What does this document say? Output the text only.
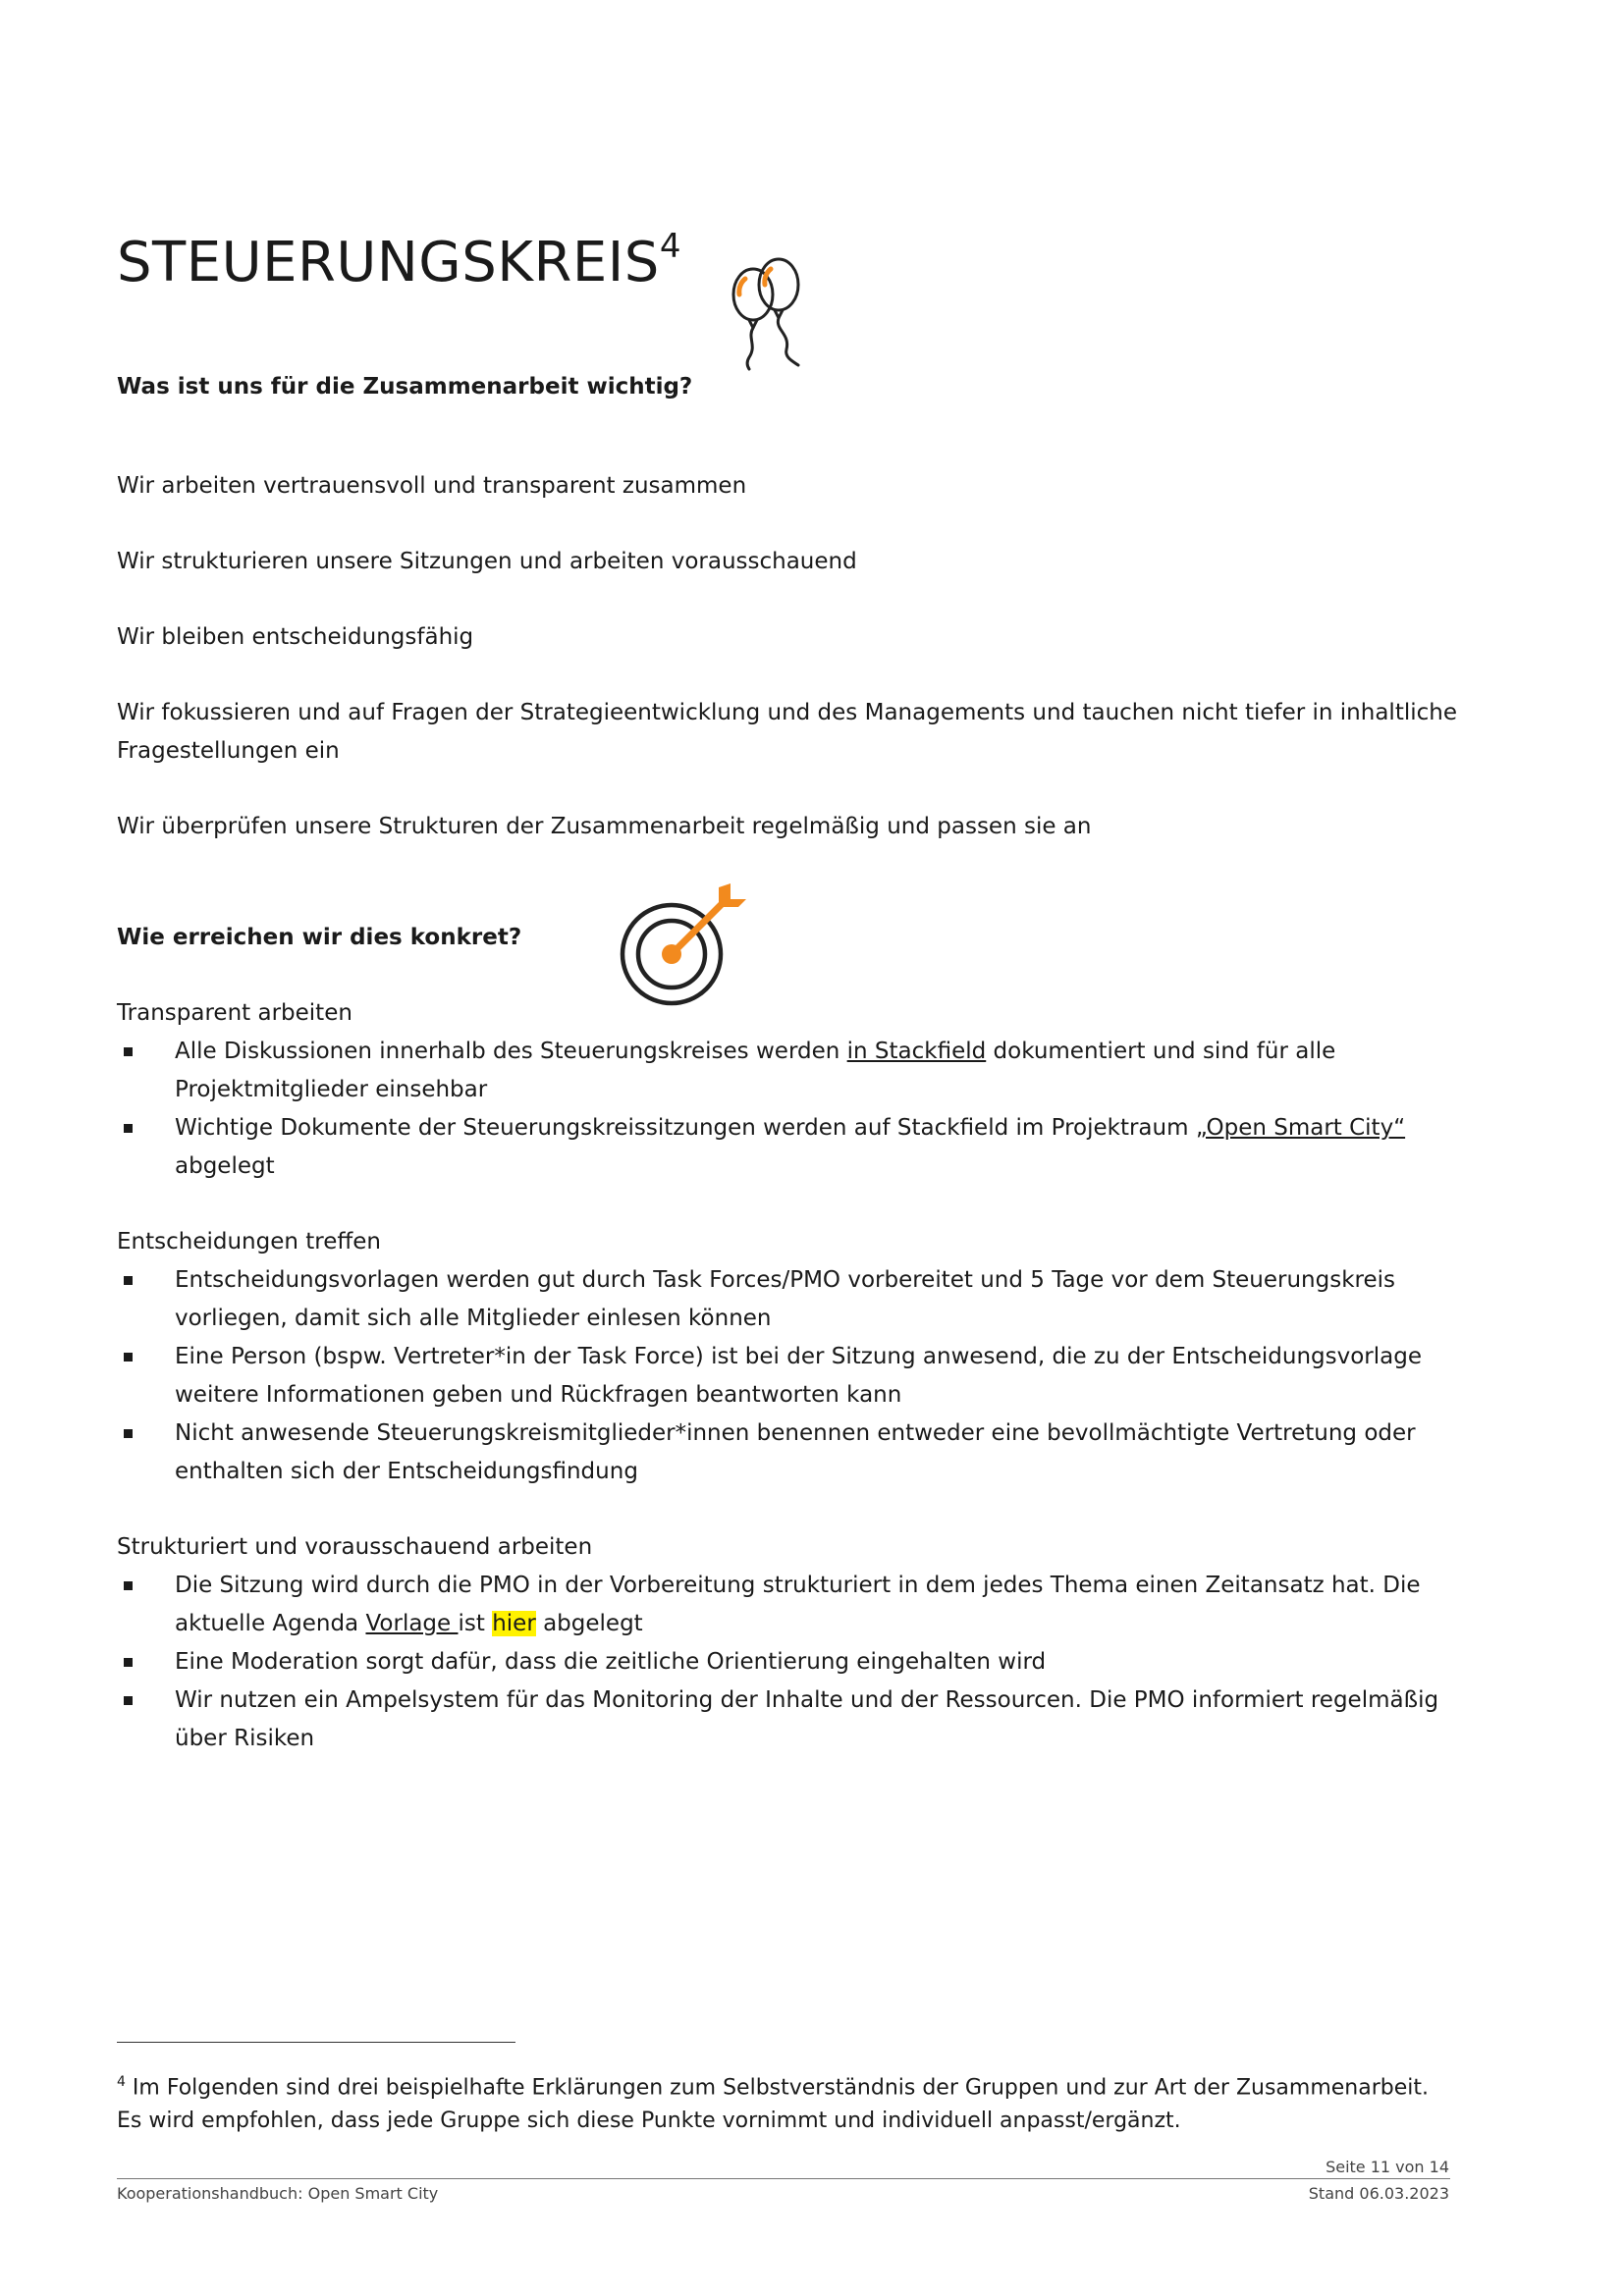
STEUERUNGSKREIS$^4$
Was ist uns für die Zusammenarbeit wichtig?
Wir arbeiten vertrauensvoll und transparent zusammen
Wir strukturieren unsere Sitzungen und arbeiten vorausschauend
Wir bleiben entscheidungsfähig
Wir fokussieren und auf Fragen der Strategieentwicklung und des Managements und tauchen nicht tiefer in inhaltliche
Fragestellungen ein
Wir überprüfen unsere Strukturen der Zusammenarbeit regelmäßig und passen sie an
Wie erreichen wir dies konkret?
Transparent arbeiten
Alle Diskussionen innerhalb des Steuerungskreises werden in Stackfield dokumentiert und sind für alle
Projektmitglieder einsehbar
Wichtige Dokumente der Steuerungskreissitzungen werden auf Stackfield im Projektraum „Open Smart City“
abgelegt
Entscheidungen treffen
Entscheidungsvorlagen werden gut durch Task Forces/PMO vorbereitet und 5 Tage vor dem Steuerungskreis
vorliegen, damit sich alle Mitglieder einlesen können
Eine Person (bspw. Vertreter*in der Task Force) ist bei der Sitzung anwesend, die zu der Entscheidungsvorlage
weitere Informationen geben und Rückfragen beantworten kann
Nicht anwesende Steuerungskreismitglieder*innen benennen entweder eine bevollmächtigte Vertretung oder
enthalten sich der Entscheidungsfindung
Strukturiert und vorausschauend arbeiten
Die Sitzung wird durch die PMO in der Vorbereitung strukturiert in dem jedes Thema einen Zeitansatz hat. Die
aktuelle Agenda Vorlage ist hier abgelegt
Eine Moderation sorgt dafür, dass die zeitliche Orientierung eingehalten wird
Wir nutzen ein Ampelsystem für das Monitoring der Inhalte und der Ressourcen. Die PMO informiert regelmäßig
über Risiken
$^4$ Im Folgenden sind drei beispielhafte Erklärungen zum Selbstverständnis der Gruppen und zur Art der Zusammenarbeit.
Es wird empfohlen, dass jede Gruppe sich diese Punkte vornimmt und individuell anpasst/ergänzt.
Seite 11 von 14
Kooperationshandbuch: Open Smart City	Stand 06.03.2023
